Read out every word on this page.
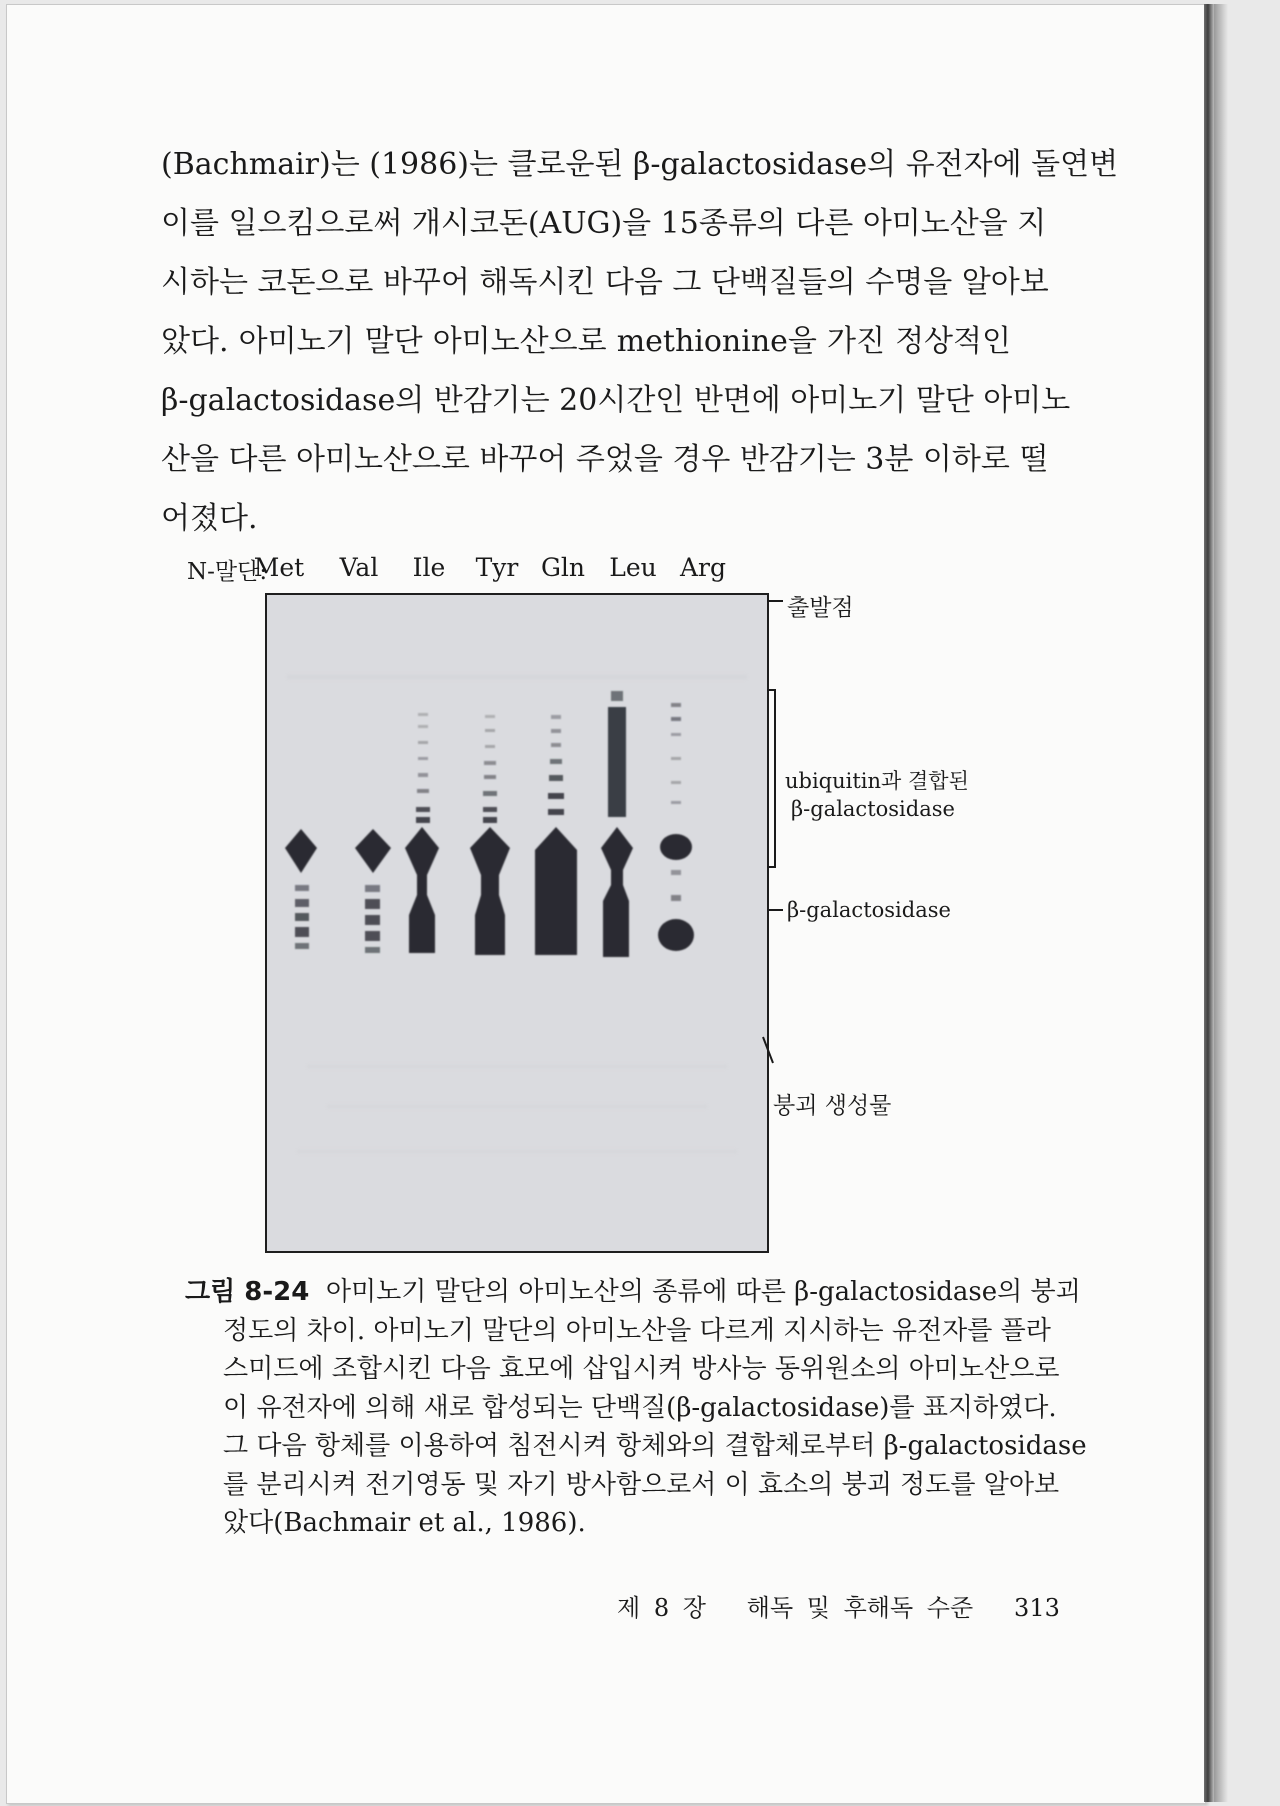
(Bachmair)는 (1986)는 클로운된 β-galactosidase의 유전자에 돌연변
이를 일으킴으로써 개시코돈(AUG)을 15종류의 다른 아미노산을 지
시하는 코돈으로 바꾸어 해독시킨 다음 그 단백질들의 수명을 알아보
았다. 아미노기 말단 아미노산으로 methionine을 가진 정상적인
β-galactosidase의 반감기는 20시간인 반면에 아미노기 말단 아미노
산을 다른 아미노산으로 바꾸어 주었을 경우 반감기는 3분 이하로 떨
어졌다.

N-말단:
Met	Val	Ile	Tyr Gln Leu Arg
출발점
ubiquitin과 결합된
β-galactosidase
β-galactosidase
붕괴 생성물
그림 8-24 아미노기 말단의 아미노산의 종류에 따른 β-galactosidase의 붕괴
정도의 차이. 아미노기 말단의 아미노산을 다르게 지시하는 유전자를 플라
스미드에 조합시킨 다음 효모에 삽입시켜 방사능 동위원소의 아미노산으로
이 유전자에 의해 새로 합성되는 단백질(β-galactosidase)를 표지하였다.
그 다음 항체를 이용하여 침전시켜 항체와의 결합체로부터 β-galactosidase
를 분리시켜 전기영동 및 자기 방사함으로서 이 효소의 붕괴 정도를 알아보
았다(Bachmair et al., 1986).
제 8 장 해독 및 후해독 수준 313
